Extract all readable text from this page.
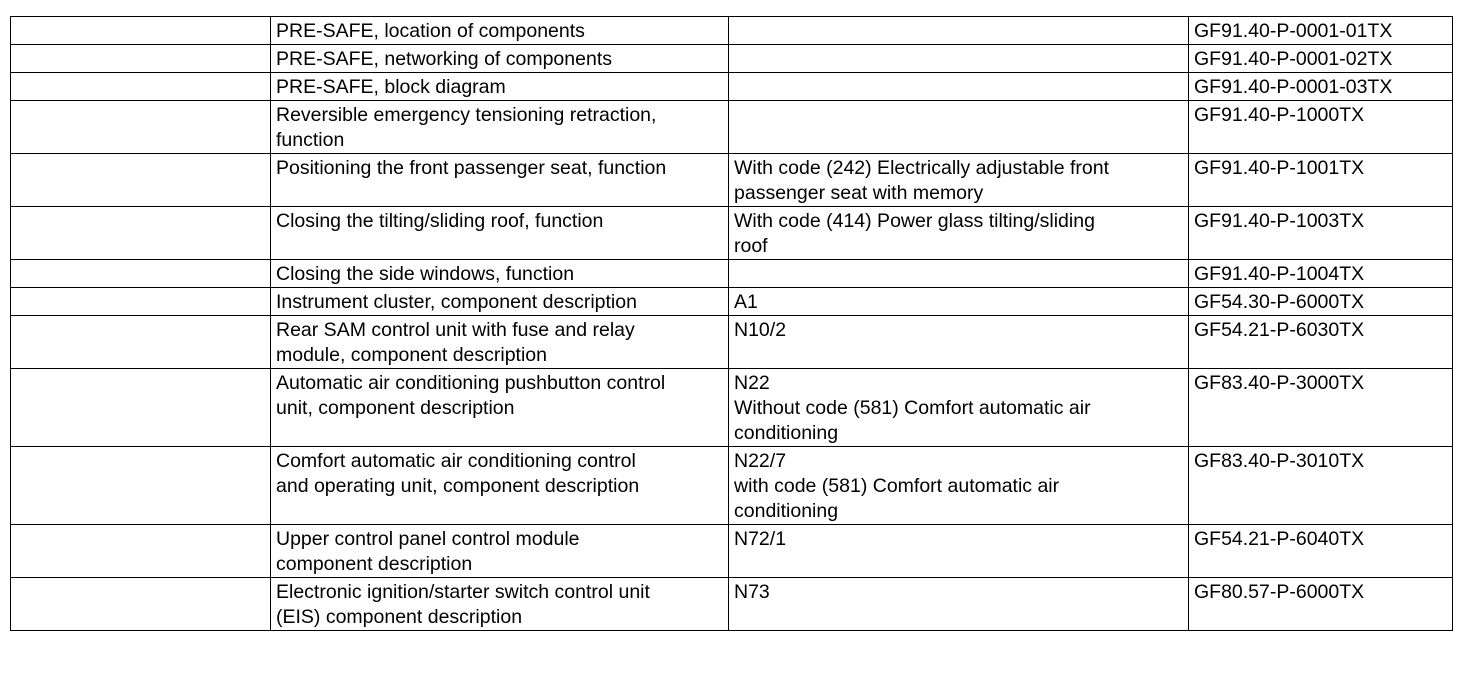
	PRE-SAFE, location of components		GF91.40-P-0001-01TX
	PRE-SAFE, networking of components		GF91.40-P-0001-02TX
	PRE-SAFE, block diagram		GF91.40-P-0001-03TX
	Reversible emergency tensioning retraction,
function		GF91.40-P-1000TX
	Positioning the front passenger seat, function	With code (242) Electrically adjustable front
passenger seat with memory	GF91.40-P-1001TX
	Closing the tilting/sliding roof, function	With code (414) Power glass tilting/sliding
roof	GF91.40-P-1003TX
	Closing the side windows, function		GF91.40-P-1004TX
	Instrument cluster, component description	A1	GF54.30-P-6000TX
	Rear SAM control unit with fuse and relay
module, component description	N10/2	GF54.21-P-6030TX
	Automatic air conditioning pushbutton control
unit, component description	N22
Without code (581) Comfort automatic air
conditioning	GF83.40-P-3000TX
	Comfort automatic air conditioning control
and operating unit, component description	N22/7
with code (581) Comfort automatic air
conditioning	GF83.40-P-3010TX
	Upper control panel control module
component description	N72/1	GF54.21-P-6040TX
	Electronic ignition/starter switch control unit
(EIS) component description	N73	GF80.57-P-6000TX
